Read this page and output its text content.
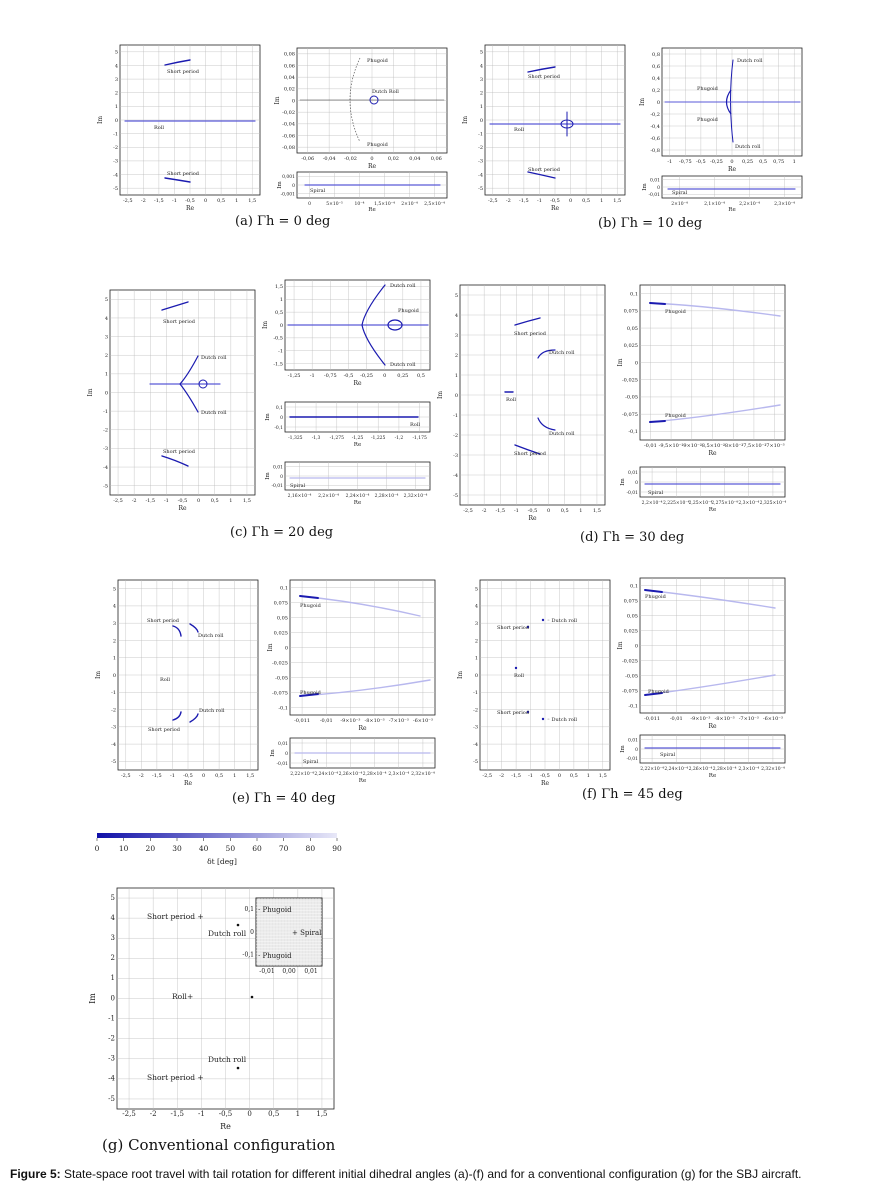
-2,5 -2 -1,5 -1 -0,5 0 0,5 1 1,5
5
4
3
2
1
0
-1
-2
-3
-4
-5
Re
Im
Short period
Roll
Short period
-0,06 -0,04 -0,02	0	0,02 0,04 0,06
0,08
0,06
0,04
0,02
0
-0,02
-0,04
-0,06
-0,08
Re
Im
Phugoid
Dutch Roll
Phugoid
0	5×10⁻⁵	10⁻⁴ 1,5×10⁻⁴ 2×10⁻⁴ 2,5×10⁻⁴
0,001
0
-0,001
Re
Im
Spiral
-2,5 -2 -1,5 -1 -0,5 0 0,5 1 1,5
5
4
3
2
1
0
-1
-2
-3
-4
-5
Re
Im
Short period
Roll
Short period
-1 -0,75 -0,5 -0,25 0 0,25 0,5 0,75 1
0,8
0,6
0,4
0,2
0
-0,2
-0,4
-0,6
-0,8
Re
Im
Dutch roll
Phugoid
Phugoid
Dutch roll
2×10⁻⁴	2,1×10⁻⁴	2,2×10⁻⁴	2,3×10⁻⁴
0,01
0
-0,01
Re
Im
Spiral
-2,5 -2 -1,5 -1 -0,5 0 0,5 1 1,5
5
4
3
2
1
0
-1
-2
-3
-4
-5
Re
Im
Short period
Dutch roll
Dutch roll
Short period
-1,25 -1 -0,75 -0,5 -0,25 0 0,25 0,5
1,5
1
0,5
0
-0,5
-1
-1,5
Re
Im
Dutch roll
Phugoid
Dutch roll
-1,325 -1,3 -1,275 -1,25 -1,225 -1,2 -1,175
0,1
0
-0,1
Re
Im
Roll
2,16×10⁻⁴ 2,2×10⁻⁴ 2,24×10⁻⁴ 2,28×10⁻⁴ 2,32×10⁻⁴
0,01
0
-0,01
Re
Im
Spiral
-2,5 -2 -1,5 -1 -0,5 0 0,5 1 1,5
5
4
3
2
1
0
-1
-2
-3
-4
-5
Re
Im
Short period
Dutch roll
Roll
Dutch roll
Short period
-0,01 -9,5×10⁻³
-9×10⁻³
-8,5×10⁻³
-8×10⁻³
-7,5×10⁻³
-7×10⁻³
0,1
0,075
0,05
0,025
0
-0,025
-0,05
-0,075
-0,1
Re
Im
Phugoid
Phugoid
2,2×10⁻⁴ 2,225×10⁻⁴ 2,25×10⁻⁴ 2,275×10⁻⁴ 2,3×10⁻⁴ 2,325×10⁻⁴
0,01
0
-0,01
Re
Im
Spiral
-2,5 -2 -1,5 -1 -0,5 0 0,5 1 1,5
5
4
3
2
1
0
-1
-2
-3
-4
-5
Re
Im
Short period
Dutch roll
Roll
Dutch roll
Short period
-0,011 -0,01 -9×10⁻³ -8×10⁻³ -7×10⁻³ -6×10⁻³
0,1
0,075
0,05
0,025
0
-0,025
-0,05
-0,075
-0,1
Re
Im
Phugoid
Phugoid
2,22×10⁻⁴ 2,24×10⁻⁴ 2,26×10⁻⁴ 2,28×10⁻⁴ 2,3×10⁻⁴ 2,32×10⁻⁴
0,01
0
-0,01
Re
Im
Spiral
-2,5 -2 -1,5 -1 -0,5 0 0,5 1 1,5
5
4
3
2
1
0
-1
-2
-3
-4
-5
Re
Im
◦ Dutch roll
Short period
Roll
Short period
◦ Dutch roll	-0,011 -0,01 -9×10⁻³ -8×10⁻³ -7×10⁻³ -6×10⁻³
0,1
0,075
0,05
0,025
0
-0,025
-0,05
-0,075
-0,1
Re
Im
Phugoid
Phugoid
2,22×10⁻⁴ 2,24×10⁻⁴ 2,26×10⁻⁴ 2,28×10⁻⁴ 2,3×10⁻⁴ 2,32×10⁻⁴
0,01
0
-0,01
Re
Im
Spiral
0	10 20 30 40 50 60 70 80 90
δt [deg]
-2,5 -2 -1,5 -1 -0,5 0 0,5 1 1,5
5
4
3
2
1
0
-1
-2
-3
-4
-5
Re
Im
Short period +
Dutch roll
Roll+
Dutch roll
Short period +
-0,01 0,00 0,01
0,1
0
-0,1
· Phugoid
+ Spiral
· Phugoid
(a) Γh = 0 deg	(b) Γh = 10 deg
(c) Γh = 20 deg	(d) Γh = 30 deg
(e) Γh = 40 deg	(f) Γh = 45 deg
(g) Conventional configuration
Figure 5: State-space root travel with tail rotation for different initial dihedral angles (a)-(f) and for a conventional configuration (g) for the SBJ aircraft.
